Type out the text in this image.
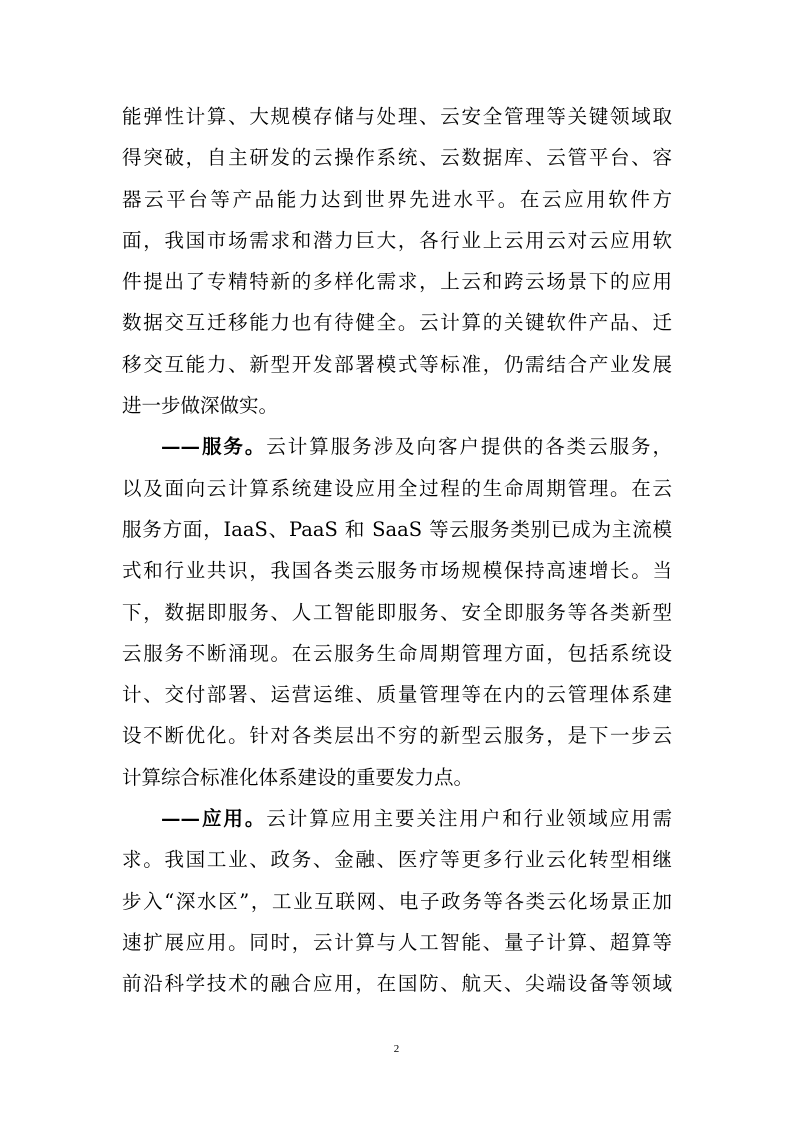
能弹性计算、大规模存储与处理、云安全管理等关键领域取
得突破，自主研发的云操作系统、云数据库、云管平台、容
器云平台等产品能力达到世界先进水平。在云应用软件方
面，我国市场需求和潜力巨大，各行业上云用云对云应用软
件提出了专精特新的多样化需求，上云和跨云场景下的应用
数据交互迁移能力也有待健全。云计算的关键软件产品、迁
移交互能力、新型开发部署模式等标准，仍需结合产业发展
进一步做深做实。
——服务。云计算服务涉及向客户提供的各类云服务，
以及面向云计算系统建设应用全过程的生命周期管理。在云
服务方面，IaaS、PaaS 和 SaaS 等云服务类别已成为主流模
式和行业共识，我国各类云服务市场规模保持高速增长。当
下，数据即服务、人工智能即服务、安全即服务等各类新型
云服务不断涌现。在云服务生命周期管理方面，包括系统设
计、交付部署、运营运维、质量管理等在内的云管理体系建
设不断优化。针对各类层出不穷的新型云服务，是下一步云
计算综合标准化体系建设的重要发力点。
——应用。云计算应用主要关注用户和行业领域应用需
求。我国工业、政务、金融、医疗等更多行业云化转型相继
步入“深水区”，工业互联网、电子政务等各类云化场景正加
速扩展应用。同时，云计算与人工智能、量子计算、超算等
前沿科学技术的融合应用，在国防、航天、尖端设备等领域
2
